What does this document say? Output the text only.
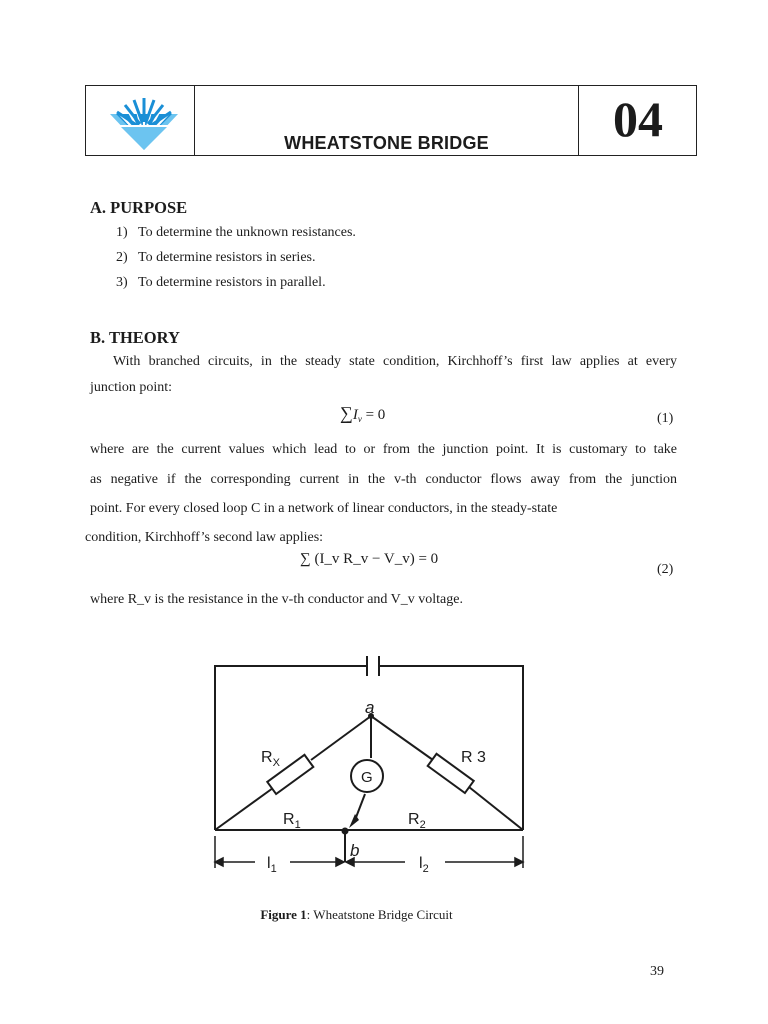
WHEATSTONE BRIDGE	04
A. PURPOSE
1) To determine the unknown resistances.
2) To determine resistors in series.
3) To determine resistors in parallel.
B. THEORY
With branched circuits, in the steady state condition, Kirchhoff’s first law applies at every
junction point:
$\sum I_v = 0$	(1)
where are the current values which lead to or from the junction point. It is customary to take
as negative if the corresponding current in the v-th conductor flows away from the junction
point. For every closed loop C in a network of linear conductors, in the steady-state
condition, Kirchhoff’s second law applies:
∑ (I_v R_v − V_v) = 0
(2)
where R_v is the resistance in the v-th conductor and V_v voltage.
a
b
$R_X$	R 3
G
$R_1$	$R_2$
$l_1$	$l_2$
Figure 1: Wheatstone Bridge Circuit
39
